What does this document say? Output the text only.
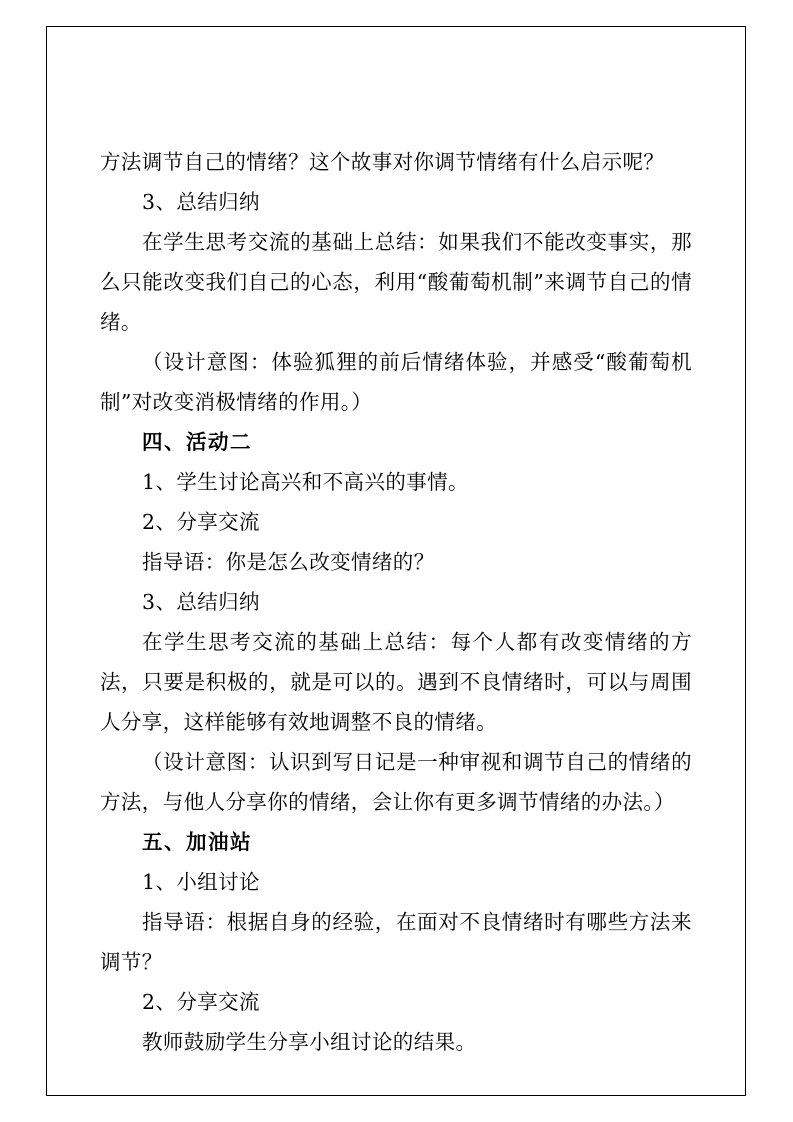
方法调节自己的情绪？这个故事对你调节情绪有什么启示呢？

3、总结归纳

在学生思考交流的基础上总结：如果我们不能改变事实，那么只能改变我们自己的心态，利用“酸葡萄机制”来调节自己的情绪。

（设计意图：体验狐狸的前后情绪体验，并感受“酸葡萄机制”对改变消极情绪的作用。）

四、活动二

1、学生讨论高兴和不高兴的事情。

2、分享交流

指导语：你是怎么改变情绪的？

3、总结归纳

在学生思考交流的基础上总结：每个人都有改变情绪的方法，只要是积极的，就是可以的。遇到不良情绪时，可以与周围人分享，这样能够有效地调整不良的情绪。

（设计意图：认识到写日记是一种审视和调节自己的情绪的方法，与他人分享你的情绪，会让你有更多调节情绪的办法。）

五、加油站

1、小组讨论

指导语：根据自身的经验，在面对不良情绪时有哪些方法来调节？

2、分享交流

教师鼓励学生分享小组讨论的结果。
